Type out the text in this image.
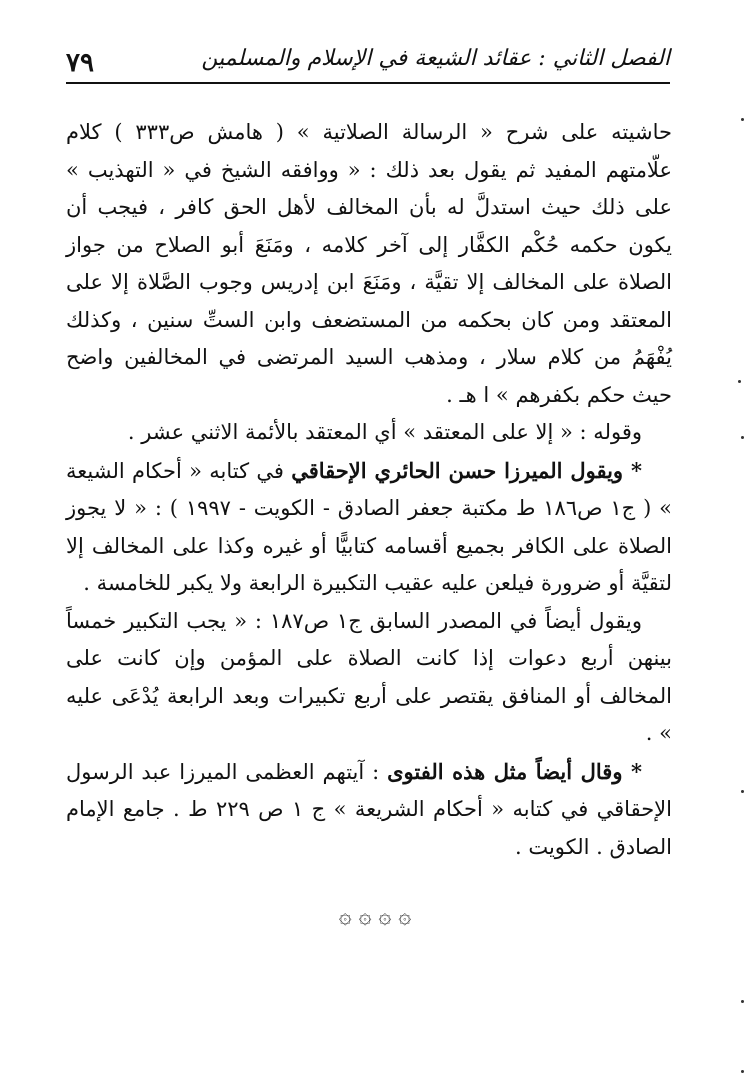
٧٩	الفصل الثاني : عقائد الشيعة في الإسلام والمسلمين

حاشيته على شرح « الرسالة الصلاتية » ( هامش ص٣٣٣ ) كلام علّامتهم المفيد ثم يقول بعد ذلك : « ووافقه الشيخ في « التهذيب » على ذلك حيث استدلَّ له بأن المخالف لأهل الحق كافر ، فيجب أن يكون حكمه حُكْم الكفَّار إلى آخر كلامه ، ومَنَعَ أبو الصلاح من جواز الصلاة على المخالف إلا تقيَّة ، ومَنَعَ ابن إدريس وجوب الصَّلاة إلا على المعتقد ومن كان بحكمه من المستضعف وابن الستِّ سنين ، وكذلك يُفْهَمُ من كلام سلار ، ومذهب السيد المرتضى في المخالفين واضح حيث حكم بكفرهم » ا هـ .

وقوله : « إلا على المعتقد » أي المعتقد بالأئمة الاثني عشر .

* ويقول الميرزا حسن الحائري الإحقاقي في كتابه « أحكام الشيعة » ( ج١ ص١٨٦ ط مكتبة جعفر الصادق - الكويت - ١٩٩٧ ) : « لا يجوز الصلاة على الكافر بجميع أقسامه كتابيًّا أو غيره وكذا على المخالف إلا لتقيَّة أو ضرورة فيلعن عليه عقيب التكبيرة الرابعة ولا يكبر للخامسة .

ويقول أيضاً في المصدر السابق ج١ ص١٨٧ : « يجب التكبير خمساً بينهن أربع دعوات إذا كانت الصلاة على المؤمن وإن كانت على المخالف أو المنافق يقتصر على أربع تكبيرات وبعد الرابعة يُدْعَى عليه » .

* وقال أيضاً مثل هذه الفتوى : آيتهم العظمى الميرزا عبد الرسول الإحقاقي في كتابه « أحكام الشريعة » ج ١ ص ٢٢٩ ط . جامع الإمام الصادق . الكويت .

۞ ۞ ۞ ۞
